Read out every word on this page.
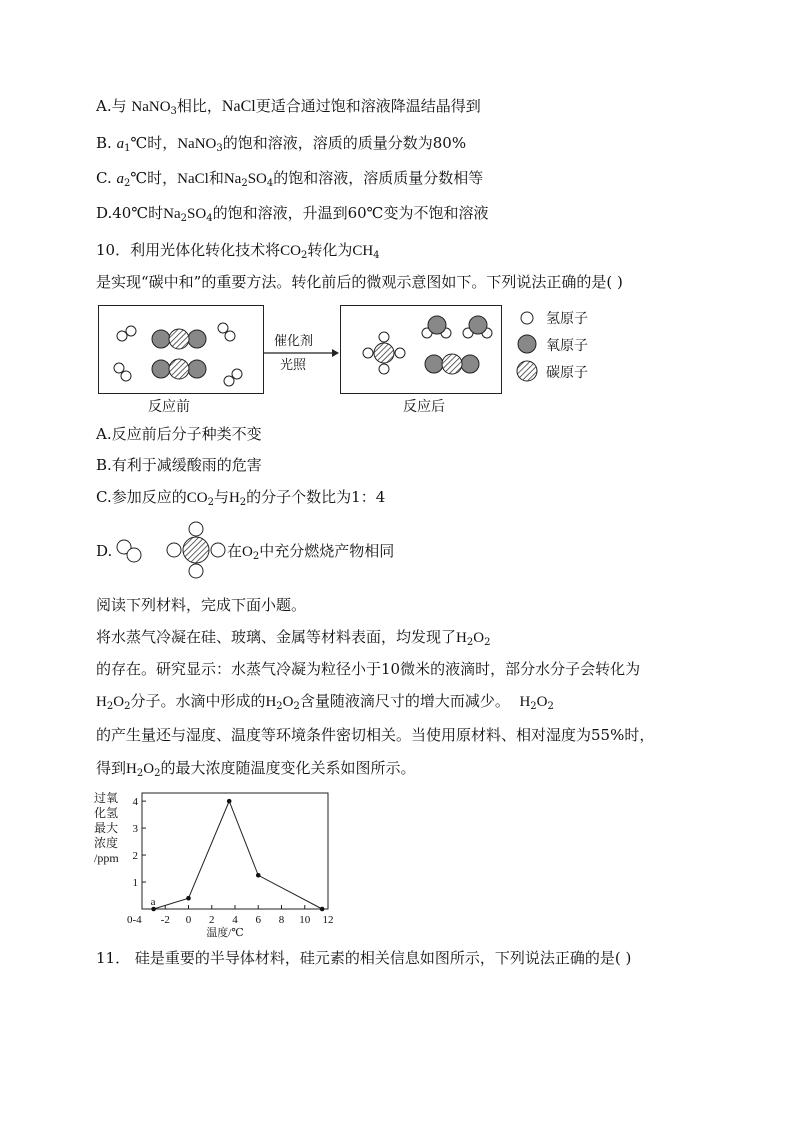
A.与 NaNO$_3$相比，NaCl更适合通过饱和溶液降温结晶得到
B. $a_1℃$时，NaNO$_3$的饱和溶液，溶质的质量分数为80%
C. $a_2℃$时，NaCl和$Na_2SO_4$的饱和溶液，溶质质量分数相等
D.40℃时$Na_2SO_4$的饱和溶液，升温到60℃变为不饱和溶液
10．利用光体化转化技术将$CO_2$转化为$CH_4$
是实现“碳中和”的重要方法。转化前后的微观示意图如下。下列说法正确的是( )
催化剂
光照
反应前	反应后
氢原子
氧原子
碳原子
A.反应前后分子种类不变
B.有利于减缓酸雨的危害
C.参加反应的$CO_2$与$H_2$的分子个数比为1：4
D.	在$O_2$中充分燃烧产物相同
阅读下列材料，完成下面小题。
将水蒸气冷凝在硅、玻璃、金属等材料表面，均发现了$H_2O_2$
的存在。研究显示：水蒸气冷凝为粒径小于10微米的液滴时，部分水分子会转化为
$H_2O_2$分子。水滴中形成的$H_2O_2$含量随液滴尺寸的增大而减少。 $H_2O_2$
的产生量还与湿度、温度等环境条件密切相关。当使用原材料、相对湿度为55%时，
得到$H_2O_2$的最大浓度随温度变化关系如图所示。
过氧
化氢
最大
浓度
/ppm
1
2
3
4
0-4 -2 0 2 4 6 8 10 12
温度/℃
a
11． 硅是重要的半导体材料，硅元素的相关信息如图所示，下列说法正确的是( )
